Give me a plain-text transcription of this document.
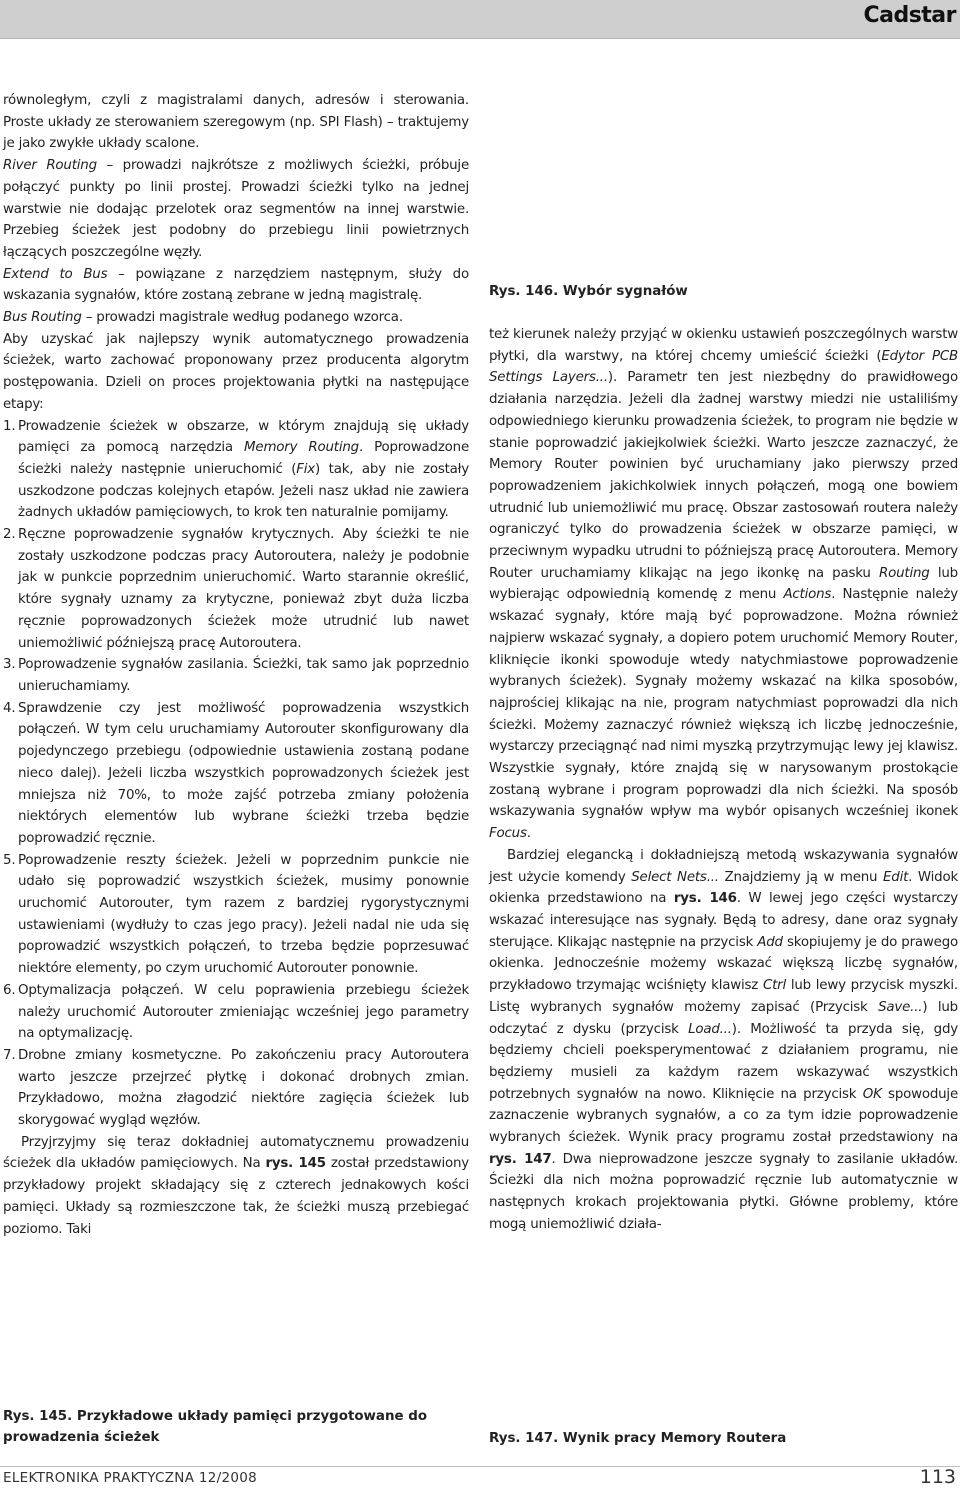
Cadstar

równoległym, czyli z magistralami danych, adresów i sterowania. Proste układy ze sterowaniem szeregowym (np. SPI Flash) – traktujemy je jako zwykłe układy scalone.

River Routing – prowadzi najkrótsze z możliwych ścieżki, próbuje połączyć punkty po linii prostej. Prowadzi ścieżki tylko na jednej warstwie nie dodając przelotek oraz segmentów na innej warstwie. Przebieg ścieżek jest podobny do przebiegu linii powietrznych łączących poszczególne węzły.

Extend to Bus – powiązane z narzędziem następnym, służy do wskazania sygnałów, które zostaną zebrane w jedną magistralę.

Bus Routing – prowadzi magistrale według podanego wzorca.

Aby uzyskać jak najlepszy wynik automatycznego prowadzenia ścieżek, warto zachować proponowany przez producenta algorytm postępowania. Dzieli on proces projektowania płytki na następujące etapy:

1. Prowadzenie ścieżek w obszarze, w którym znajdują się układy pamięci za pomocą narzędzia Memory Routing. Poprowadzone ścieżki należy następnie unieruchomić (Fix) tak, aby nie zostały uszkodzone podczas kolejnych etapów. Jeżeli nasz układ nie zawiera żadnych układów pamięciowych, to krok ten naturalnie pomijamy.
2. Ręczne poprowadzenie sygnałów krytycznych. Aby ścieżki te nie zostały uszkodzone podczas pracy Autoroutera, należy je podobnie jak w punkcie poprzednim unieruchomić. Warto starannie określić, które sygnały uznamy za krytyczne, ponieważ zbyt duża liczba ręcznie poprowadzonych ścieżek może utrudnić lub nawet uniemożliwić późniejszą pracę Autoroutera.
3. Poprowadzenie sygnałów zasilania. Ścieżki, tak samo jak poprzednio unieruchamiamy.
4. Sprawdzenie czy jest możliwość poprowadzenia wszystkich połączeń. W tym celu uruchamiamy Autorouter skonfigurowany dla pojedynczego przebiegu (odpowiednie ustawienia zostaną podane nieco dalej). Jeżeli liczba wszystkich poprowadzonych ścieżek jest mniejsza niż 70%, to może zajść potrzeba zmiany położenia niektórych elementów lub wybrane ścieżki trzeba będzie poprowadzić ręcznie.
5. Poprowadzenie reszty ścieżek. Jeżeli w poprzednim punkcie nie udało się poprowadzić wszystkich ścieżek, musimy ponownie uruchomić Autorouter, tym razem z bardziej rygorystycznymi ustawieniami (wydłuży to czas jego pracy). Jeżeli nadal nie uda się poprowadzić wszystkich połączeń, to trzeba będzie poprzesuwać niektóre elementy, po czym uruchomić Autorouter ponownie.
6. Optymalizacja połączeń. W celu poprawienia przebiegu ścieżek należy uruchomić Autorouter zmieniając wcześniej jego parametry na optymalizację.
7. Drobne zmiany kosmetyczne. Po zakończeniu pracy Autoroutera warto jeszcze przejrzeć płytkę i dokonać drobnych zmian. Przykładowo, można złagodzić niektóre zagięcia ścieżek lub skorygować wygląd węzłów.

Przyjrzyjmy się teraz dokładniej automatycznemu prowadzeniu ścieżek dla układów pamięciowych. Na rys. 145 został przedstawiony przykładowy projekt składający się z czterech jednakowych kości pamięci. Układy są rozmieszczone tak, że ścieżki muszą przebiegać poziomo. Taki

Rys. 146. Wybór sygnałów

też kierunek należy przyjąć w okienku ustawień poszczególnych warstw płytki, dla warstwy, na której chcemy umieścić ścieżki (Edytor PCB Settings Layers...). Parametr ten jest niezbędny do prawidłowego działania narzędzia. Jeżeli dla żadnej warstwy miedzi nie ustaliliśmy odpowiedniego kierunku prowadzenia ścieżek, to program nie będzie w stanie poprowadzić jakiejkolwiek ścieżki. Warto jeszcze zaznaczyć, że Memory Router powinien być uruchamiany jako pierwszy przed poprowadzeniem jakichkolwiek innych połączeń, mogą one bowiem utrudnić lub uniemożliwić mu pracę. Obszar zastosowań routera należy ograniczyć tylko do prowadzenia ścieżek w obszarze pamięci, w przeciwnym wypadku utrudni to późniejszą pracę Autoroutera. Memory Router uruchamiamy klikając na jego ikonkę na pasku Routing lub wybierając odpowiednią komendę z menu Actions. Następnie należy wskazać sygnały, które mają być poprowadzone. Można również najpierw wskazać sygnały, a dopiero potem uruchomić Memory Router, kliknięcie ikonki spowoduje wtedy natychmiastowe poprowadzenie wybranych ścieżek). Sygnały możemy wskazać na kilka sposobów, najprościej klikając na nie, program natychmiast poprowadzi dla nich ścieżki. Możemy zaznaczyć również większą ich liczbę jednocześnie, wystarczy przeciągnąć nad nimi myszką przytrzymując lewy jej klawisz. Wszystkie sygnały, które znajdą się w narysowanym prostokącie zostaną wybrane i program poprowadzi dla nich ścieżki. Na sposób wskazywania sygnałów wpływ ma wybór opisanych wcześniej ikonek Focus.

Bardziej elegancką i dokładniejszą metodą wskazywania sygnałów jest użycie komendy Select Nets... Znajdziemy ją w menu Edit. Widok okienka przedstawiono na rys. 146. W lewej jego części wystarczy wskazać interesujące nas sygnały. Będą to adresy, dane oraz sygnały sterujące. Klikając następnie na przycisk Add skopiujemy je do prawego okienka. Jednocześnie możemy wskazać większą liczbę sygnałów, przykładowo trzymając wciśnięty klawisz Ctrl lub lewy przycisk myszki. Listę wybranych sygnałów możemy zapisać (Przycisk Save...) lub odczytać z dysku (przycisk Load...). Możliwość ta przyda się, gdy będziemy chcieli poeksperymentować z działaniem programu, nie będziemy musieli za każdym razem wskazywać wszystkich potrzebnych sygnałów na nowo. Kliknięcie na przycisk OK spowoduje zaznaczenie wybranych sygnałów, a co za tym idzie poprowadzenie wybranych ścieżek. Wynik pracy programu został przedstawiony na rys. 147. Dwa nieprowadzone jeszcze sygnały to zasilanie układów. Ścieżki dla nich można poprowadzić ręcznie lub automatycznie w następnych krokach projektowania płytki. Główne problemy, które mogą uniemożliwić działa-

Rys. 145. Przykładowe układy pamięci przygotowane do prowadzenia ścieżek	Rys. 147. Wynik pracy Memory Routera
ELEKTRONIKA PRAKTYCZNA 12/2008	113
